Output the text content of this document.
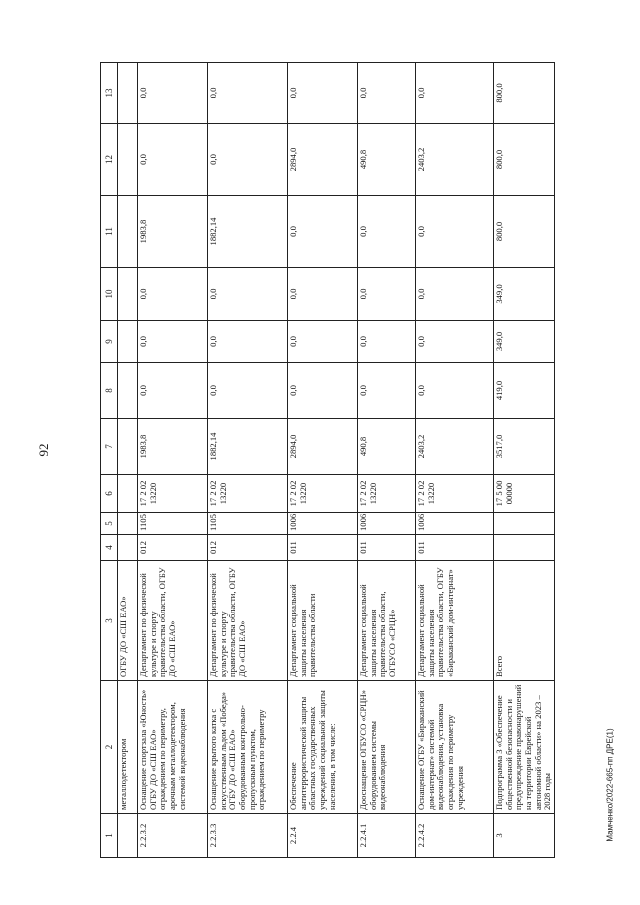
92
Мамченко/2022-665-пп ДРЕ(1)
1	2	3	4	5	6	7	8	9	10	11	12	13
	металлодетектором	ОГБУ ДО «СШ ЕАО»										
2.2.3.2	Оснащение спортзала «Юность» ОГБУ ДО «СШ ЕАО» ограждением по периметру, арочным металлодетектором, системой видеонаблюдения	Департамент по физической культуре и спорту правительства области, ОГБУ ДО «СШ ЕАО»	012	1105	17 2 02 13220	1983,8	0,0	0,0	0,0	1983,8	0,0	0,0
2.2.3.3	Оснащение крытого катка с искусственным льдом «Победа» ОГБУ ДО «СШ ЕАО» оборудованным контрольно-пропускным пунктом, ограждением по периметру	Департамент по физической культуре и спорту правительства области, ОГБУ ДО «СШ ЕАО»	012	1105	17 2 02 13220	1882,14	0,0	0,0	0,0	1882,14	0,0	0,0
2.2.4	Обеспечение антитеррористической защиты областных государственных учреждений социальной защиты населения, в том числе:	Департамент социальной защиты населения правительства области	011	1006	17 2 02 13220	2894,0	0,0	0,0	0,0	0,0	2894,0	0,0
2.2.4.1	Дооснащение ОГБУСО «СРЦН» оборудованием системы видеонаблюдения	Департамент социальной защиты населения правительства области, ОГБУСО «СРЦН»	011	1006	17 2 02 13220	490,8	0,0	0,0	0,0	0,0	490,8	0,0
2.2.4.2	Оснащение ОГБУ «Бираканский дом-интернат» системой видеонаблюдения, установка ограждения по периметру учреждения	Департамент социальной защиты населения правительства области, ОГБУ «Бираканский дом-интернат»	011	1006	17 2 02 13220	2403,2	0,0	0,0	0,0	0,0	2403,2	0,0
3	Подпрограмма 3 «Обеспечение общественной безопасности и предупреждение правонарушений на территории Еврейской автономной области» на 2023 – 2028 годы	Всего			17 5 00 00000	3517,0	419,0	349,0	349,0	800,0	800,0	800,0
